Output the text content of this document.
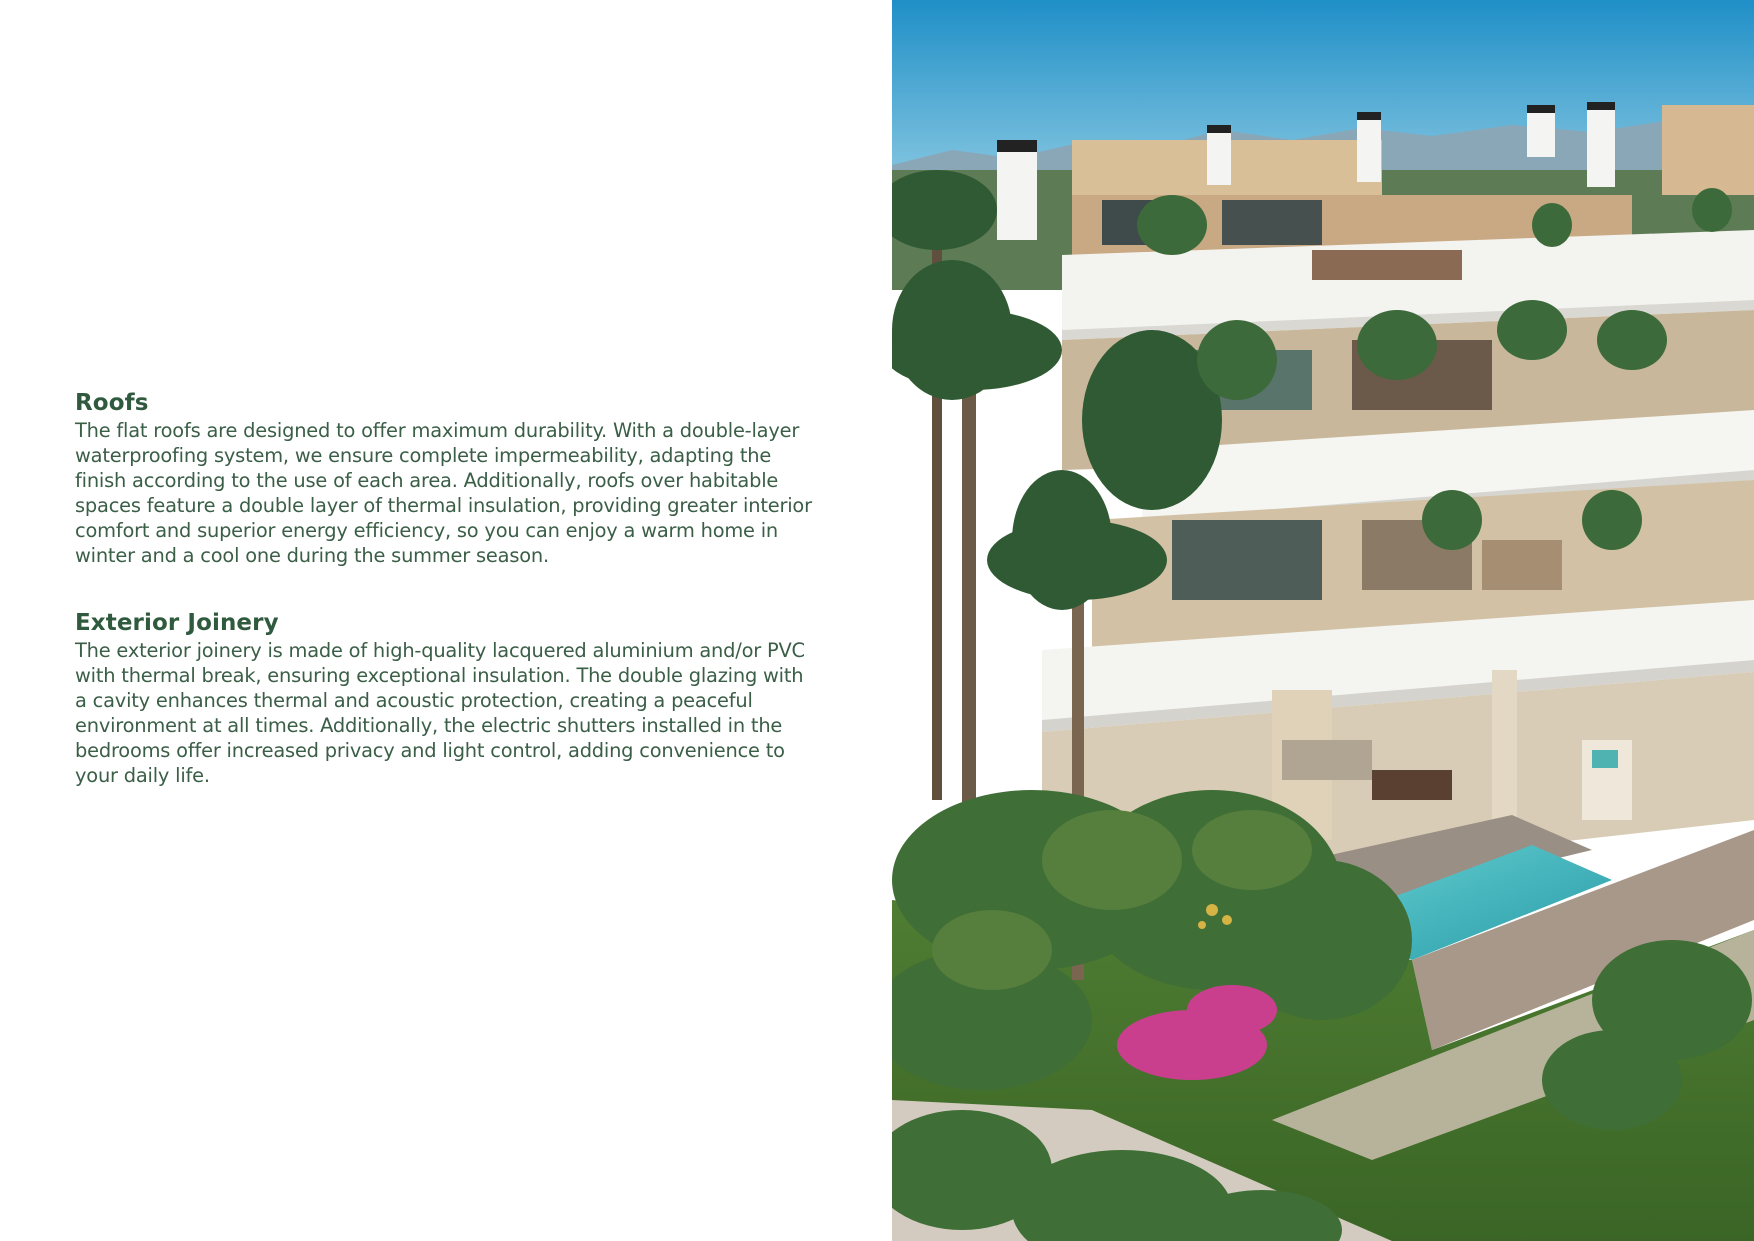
Roofs

The flat roofs are designed to offer maximum durability. With a double-layer waterproofing system, we ensure complete impermeability, adapting the finish according to the use of each area. Additionally, roofs over habitable spaces feature a double layer of thermal insulation, providing greater interior comfort and superior energy efficiency, so you can enjoy a warm home in winter and a cool one during the summer season.

Exterior Joinery

The exterior joinery is made of high-quality lacquered aluminium and/or PVC with thermal break, ensuring exceptional insulation. The double glazing with a cavity enhances thermal and acoustic protection, creating a peaceful environment at all times. Additionally, the electric shutters installed in the bedrooms offer increased privacy and light control, adding convenience to your daily life.
